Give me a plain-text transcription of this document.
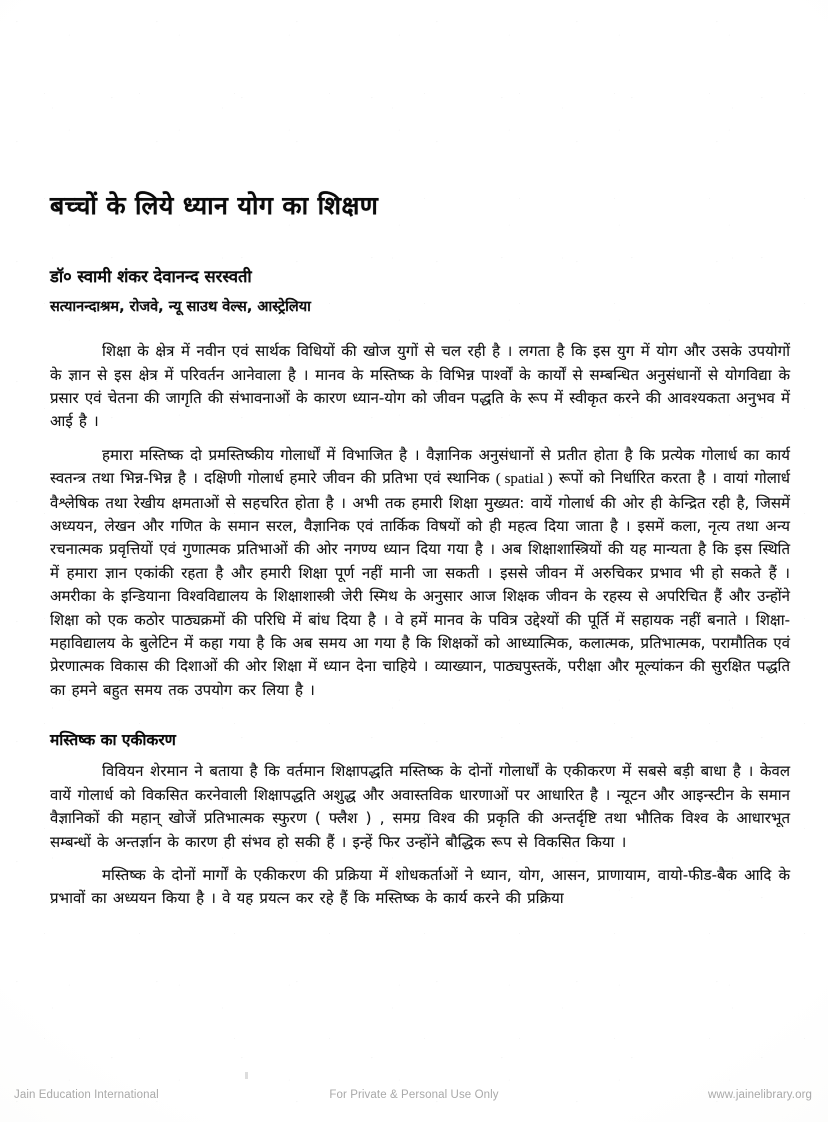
बच्चों के लिये ध्यान योग का शिक्षण

डॉ० स्वामी शंकर देवानन्द सरस्वती

सत्यानन्दाश्रम, रोजवे, न्यू साउथ वेल्स, आस्ट्रेलिया

शिक्षा के क्षेत्र में नवीन एवं सार्थक विधियों की खोज युगों से चल रही है । लगता है कि इस युग में योग और उसके उपयोगों के ज्ञान से इस क्षेत्र में परिवर्तन आनेवाला है । मानव के मस्तिष्क के विभिन्न पार्श्वों के कार्यों से सम्बन्धित अनुसंधानों से योगविद्या के प्रसार एवं चेतना की जागृति की संभावनाओं के कारण ध्यान-योग को जीवन पद्धति के रूप में स्वीकृत करने की आवश्यकता अनुभव में आई है ।

हमारा मस्तिष्क दो प्रमस्तिष्कीय गोलार्धों में विभाजित है । वैज्ञानिक अनुसंधानों से प्रतीत होता है कि प्रत्येक गोलार्ध का कार्य स्वतन्त्र तथा भिन्न-भिन्न है । दक्षिणी गोलार्ध हमारे जीवन की प्रतिभा एवं स्थानिक ( spatial ) रूपों को निर्धारित करता है । वायां गोलार्ध वैश्लेषिक तथा रेखीय क्षमताओं से सहचरित होता है । अभी तक हमारी शिक्षा मुख्यत: वायें गोलार्ध की ओर ही केन्द्रित रही है, जिसमें अध्ययन, लेखन और गणित के समान सरल, वैज्ञानिक एवं तार्किक विषयों को ही महत्व दिया जाता है । इसमें कला, नृत्य तथा अन्य रचनात्मक प्रवृत्तियों एवं गुणात्मक प्रतिभाओं की ओर नगण्य ध्यान दिया गया है । अब शिक्षाशास्त्रियों की यह मान्यता है कि इस स्थिति में हमारा ज्ञान एकांकी रहता है और हमारी शिक्षा पूर्ण नहीं मानी जा सकती । इससे जीवन में अरुचिकर प्रभाव भी हो सकते हैं । अमरीका के इन्डियाना विश्वविद्यालय के शिक्षाशास्त्री जेरी स्मिथ के अनुसार आज शिक्षक जीवन के रहस्य से अपरिचित हैं और उन्होंने शिक्षा को एक कठोर पाठ्यक्रमों की परिधि में बांध दिया है । वे हमें मानव के पवित्र उद्देश्यों की पूर्ति में सहायक नहीं बनाते । शिक्षा-महाविद्यालय के बुलेटिन में कहा गया है कि अब समय आ गया है कि शिक्षकों को आध्यात्मिक, कलात्मक, प्रतिभात्मक, परामौतिक एवं प्रेरणात्मक विकास की दिशाओं की ओर शिक्षा में ध्यान देना चाहिये । व्याख्यान, पाठ्यपुस्तकें, परीक्षा और मूल्यांकन की सुरक्षित पद्धति का हमने बहुत समय तक उपयोग कर लिया है ।

मस्तिष्क का एकीकरण

विवियन शेरमान ने बताया है कि वर्तमान शिक्षापद्धति मस्तिष्क के दोनों गोलार्धों के एकीकरण में सबसे बड़ी बाधा है । केवल वायें गोलार्ध को विकसित करनेवाली शिक्षापद्धति अशुद्ध और अवास्तविक धारणाओं पर आधारित है । न्यूटन और आइन्स्टीन के समान वैज्ञानिकों की महान् खोजें प्रतिभात्मक स्फुरण ( फ्लैश ) , समग्र विश्व की प्रकृति की अन्तर्दृष्टि तथा भौतिक विश्व के आधारभूत सम्बन्धों के अन्तर्ज्ञान के कारण ही संभव हो सकी हैं । इन्हें फिर उन्होंने बौद्धिक रूप से विकसित किया ।

मस्तिष्क के दोनों मार्गों के एकीकरण की प्रक्रिया में शोधकर्ताओं ने ध्यान, योग, आसन, प्राणायाम, वायो-फीड-बैक आदि के प्रभावों का अध्ययन किया है । वे यह प्रयत्न कर रहे हैं कि मस्तिष्क के कार्य करने की प्रक्रिया

Jain Education International	For Private & Personal Use Only	www.jainelibrary.org
